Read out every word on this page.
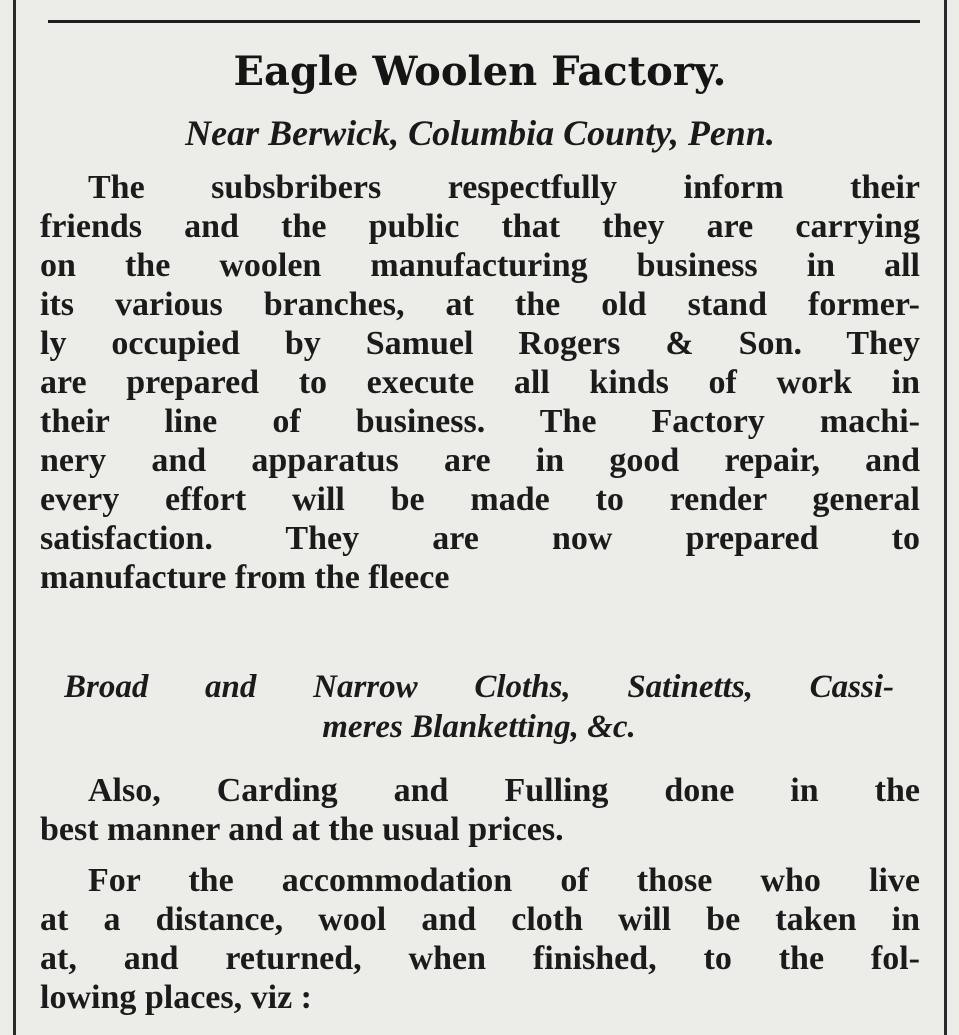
Eagle Woolen Factory.
Near Berwick, Columbia County, Penn.
The subsbribers respectfully inform their
friends and the public that they are carrying
on the woolen manufacturing business in all
its various branches, at the old stand former-
ly occupied by Samuel Rogers & Son. They
are prepared to execute all kinds of work in
their line of business. The Factory machi-
nery and apparatus are in good repair, and
every effort will be made to render general
satisfaction. They are now prepared to
manufacture from the fleece
Broad and Narrow Cloths, Satinetts, Cassi-
meres Blanketting, &c.
Also, Carding and Fulling done in the
best manner and at the usual prices.
For the accommodation of those who live
at a distance, wool and cloth will be taken in
at, and returned, when finished, to the fol-
lowing places, viz :
